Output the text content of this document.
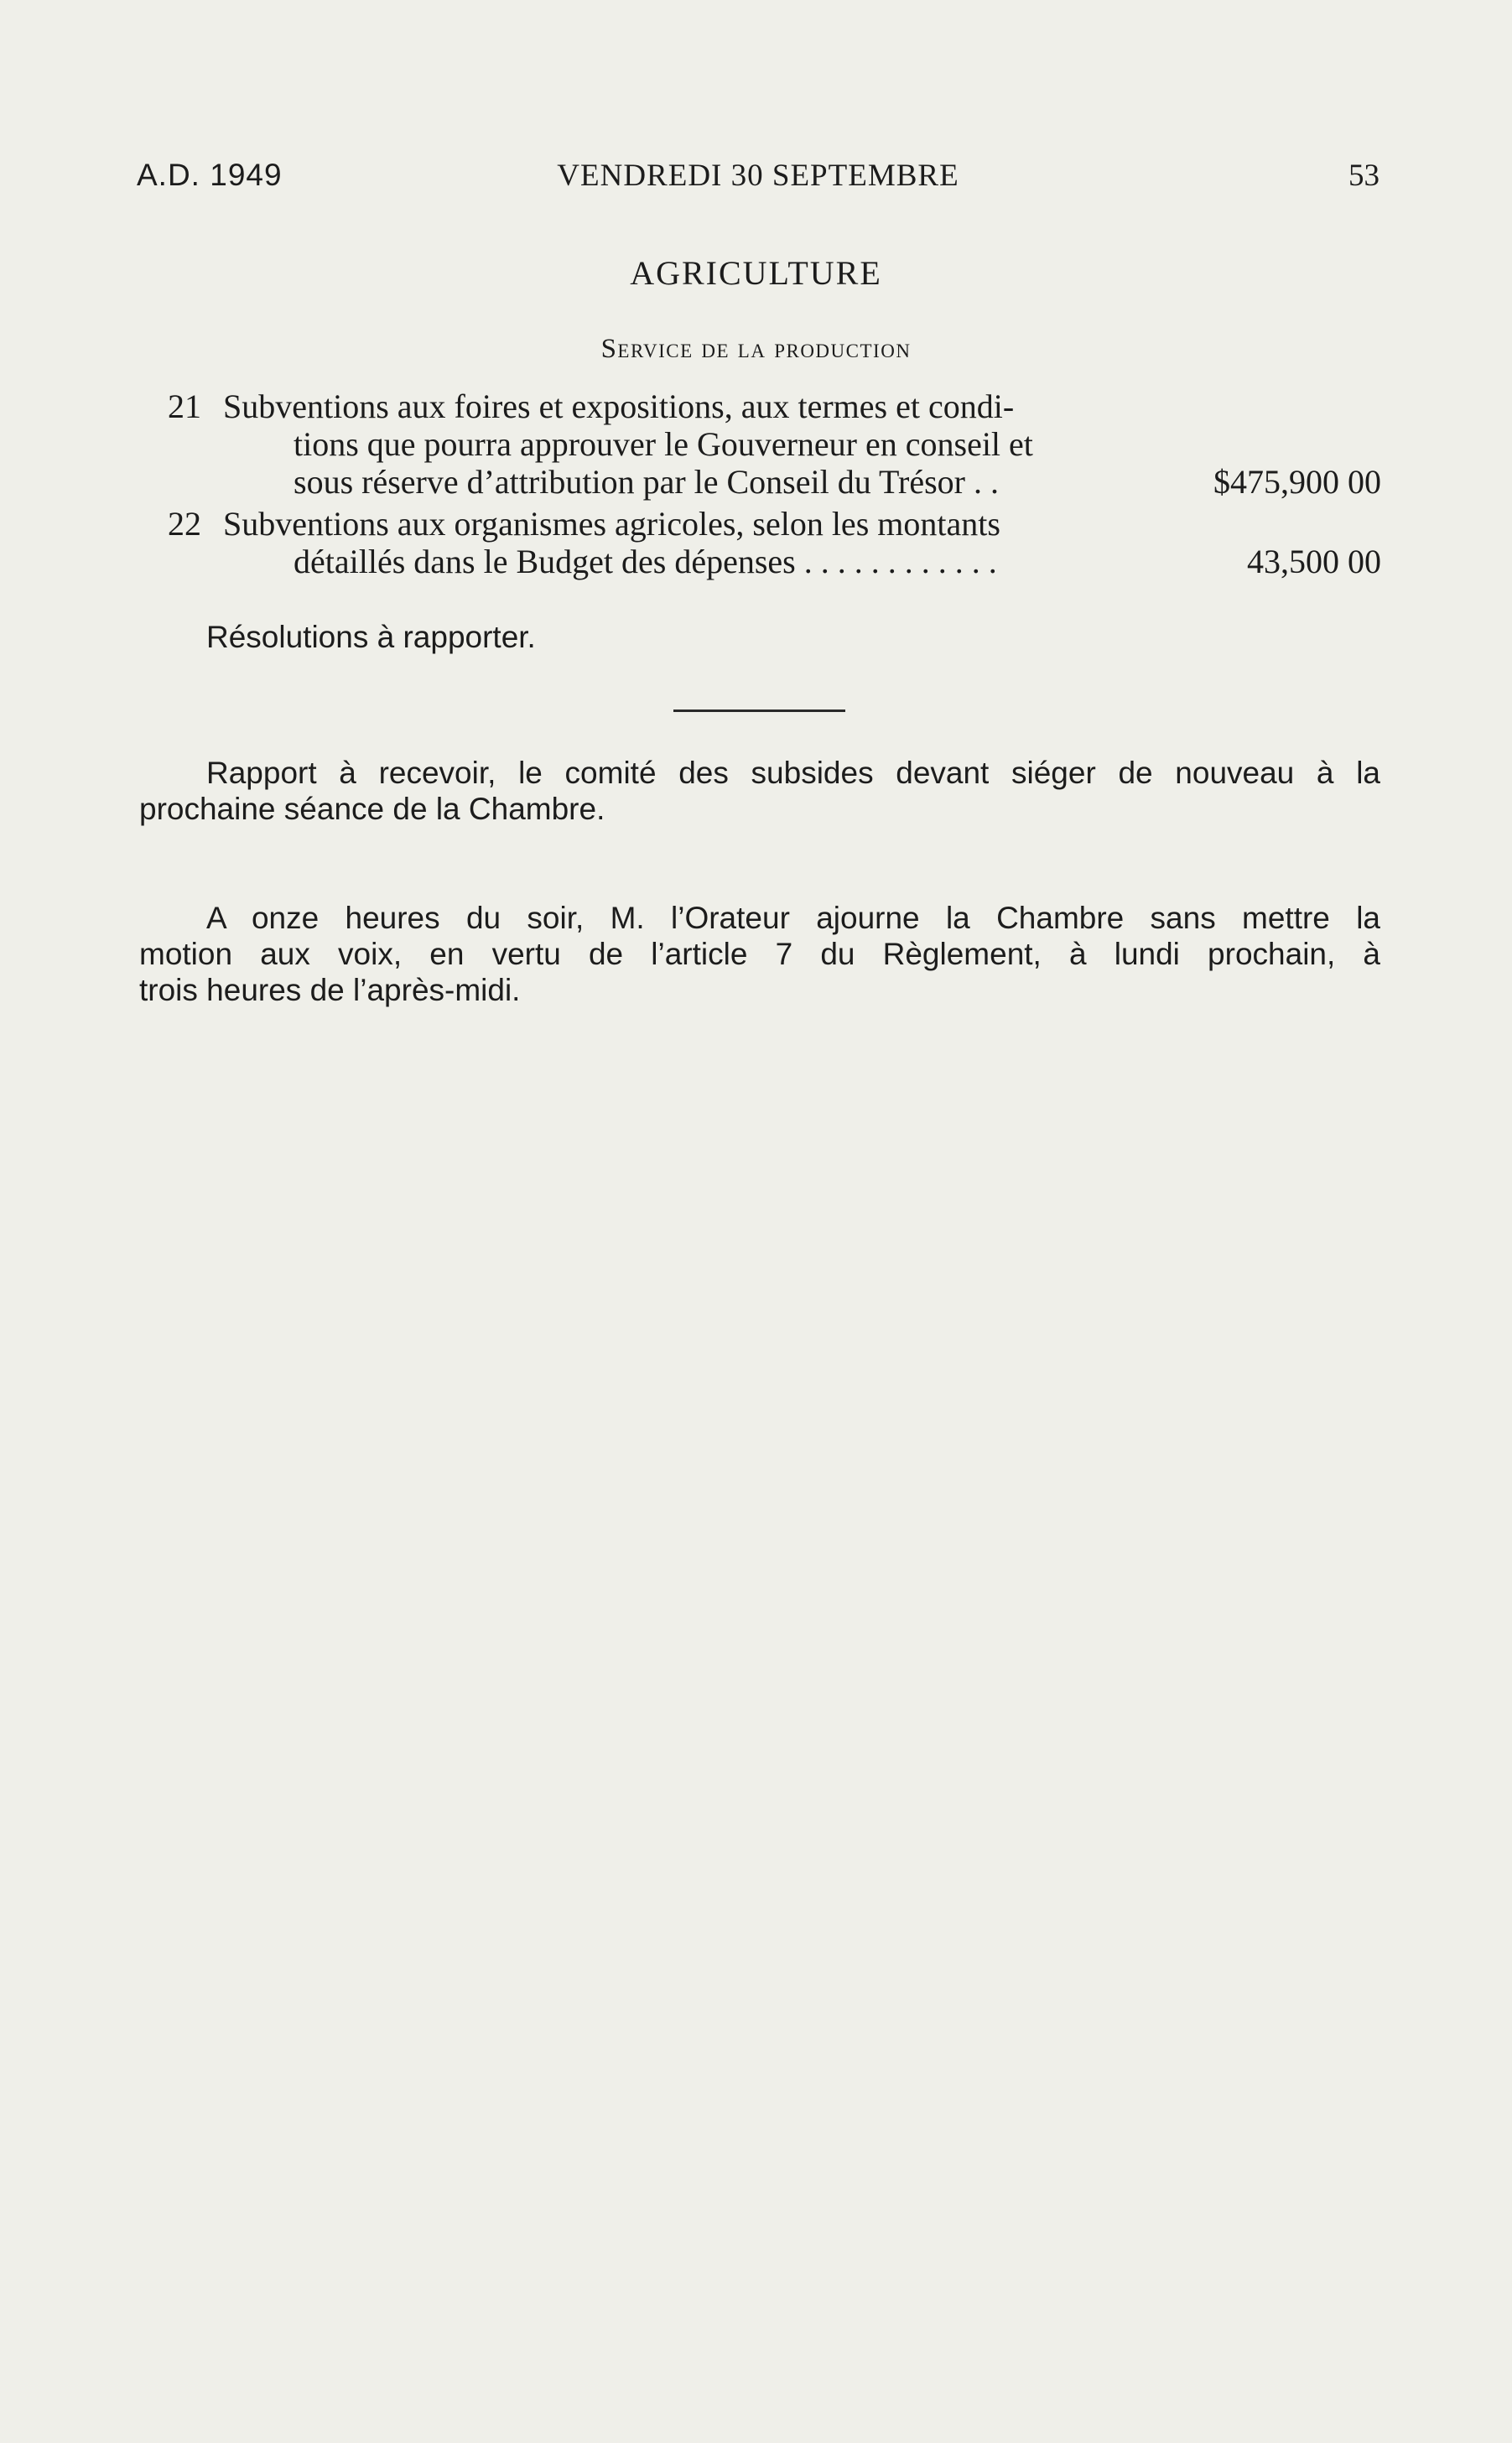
A.D. 1949	VENDREDI 30 SEPTEMBRE	53
AGRICULTURE
Service de la production
21 Subventions aux foires et expositions, aux termes et condi-
tions que pourra approuver le Gouverneur en conseil et
sous réserve d’attribution par le Conseil du Trésor . .	$475,900 00
22 Subventions aux organismes agricoles, selon les montants
détaillés dans le Budget des dépenses . . . . . . . . . . . .	43,500 00
Résolutions à rapporter.
Rapport à recevoir, le comité des subsides devant siéger de nouveau à la
prochaine séance de la Chambre.
A onze heures du soir, M. l’Orateur ajourne la Chambre sans mettre la
motion aux voix, en vertu de l’article 7 du Règlement, à lundi prochain, à
trois heures de l’après-midi.
